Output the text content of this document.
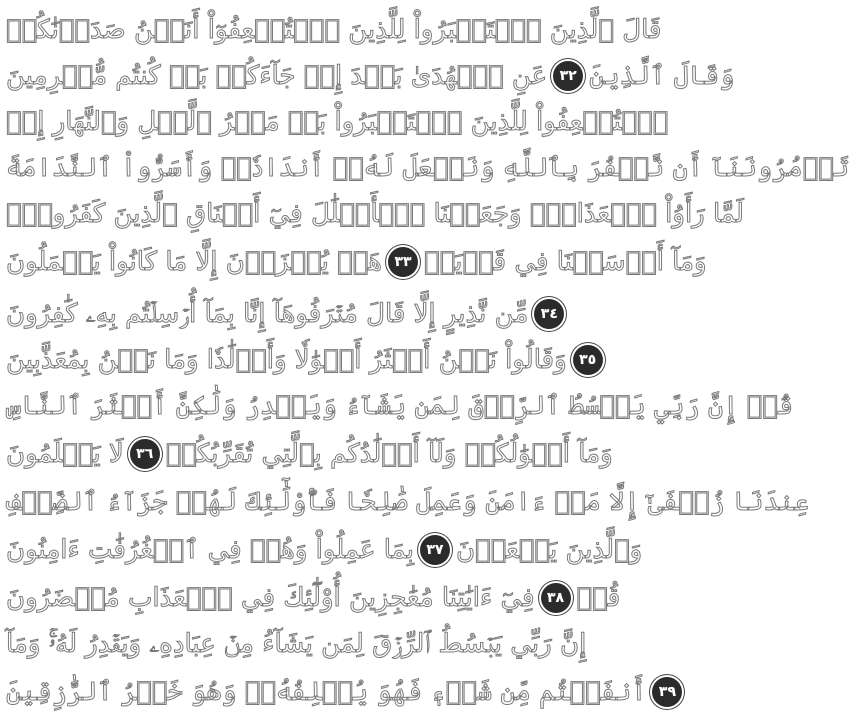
قَالَ ٱلَّذِينَ ٱسۡتَكۡبَرُواْ لِلَّذِينَ ٱسۡتُضۡعِفُوٓاْ أَنَحۡنُ صَدَدۡنَٰكُمۡ
عَنِ ٱلۡهُدَىٰ بَعۡدَ إِذۡ جَآءَكُمۖ بَلۡ كُنتُم مُّجۡرِمِينَ ٣٢ وَقَالَ ٱلَّذِينَ
ٱسۡتُضۡعِفُواْ لِلَّذِينَ ٱسۡتَكۡبَرُواْ بَلۡ مَكۡرُ ٱلَّيۡلِ وَٱلنَّهَارِ إِذۡ
تَأۡمُرُونَنَآ أَن نَّكۡفُرَ بِٱللَّهِ وَنَجۡعَلَ لَهُۥٓ أَندَادٗاۚ وَأَسَرُّواْ ٱلنَّدَامَةَ
لَمَّا رَأَوُاْ ٱلۡعَذَابَۚ وَجَعَلۡنَا ٱلۡأَغۡلَٰلَ فِيٓ أَعۡنَاقِ ٱلَّذِينَ كَفَرُواْۚ
هَلۡ يُجۡزَوۡنَ إِلَّا مَا كَانُواْ يَعۡمَلُونَ ٣٣ وَمَآ أَرۡسَلۡنَا فِي قَرۡيَةٖ
مِّن نَّذِيرٍ إِلَّا قَالَ مُتۡرَفُوهَآ إِنَّا بِمَآ أُرۡسِلۡتُم بِهِۦ كَٰفِرُونَ ٣٤
وَقَالُواْ نَحۡنُ أَكۡثَرُ أَمۡوَٰلٗا وَأَوۡلَٰدٗا وَمَا نَحۡنُ بِمُعَذَّبِينَ ٣٥
قُلۡ إِنَّ رَبِّي يَبۡسُطُ ٱلرِّزۡقَ لِمَن يَشَآءُ وَيَقۡدِرُ وَلَٰكِنَّ أَكۡثَرَ ٱلنَّاسِ
لَا يَعۡلَمُونَ ٣٦ وَمَآ أَمۡوَٰلُكُمۡ وَلَآ أَوۡلَٰدُكُم بِٱلَّتِي تُقَرِّبُكُمۡ
عِندَنَا زُلۡفَىٰٓ إِلَّا مَنۡ ءَامَنَ وَعَمِلَ صَٰلِحٗا فَأُوْلَٰٓئِكَ لَهُمۡ جَزَآءُ ٱلضِّعۡفِ
بِمَا عَمِلُواْ وَهُمۡ فِي ٱلۡغُرُفَٰتِ ءَامِنُونَ ٣٧ وَٱلَّذِينَ يَسۡعَوۡنَ
فِيٓ ءَايَٰتِنَا مُعَٰجِزِينَ أُوْلَٰٓئِكَ فِي ٱلۡعَذَابِ مُحۡضَرُونَ ٣٨ قُلۡ
إِنَّ رَبِّي يَبۡسُطُ ٱلرِّزۡقَ لِمَن يَشَآءُ مِنۡ عِبَادِهِۦ وَيَقۡدِرُ لَهُۥۚ وَمَآ
أَنفَقۡتُم مِّن شَيۡءٖ فَهُوَ يُخۡلِفُهُۥۖ وَهُوَ خَيۡرُ ٱلرَّٰزِقِينَ ٣٩
